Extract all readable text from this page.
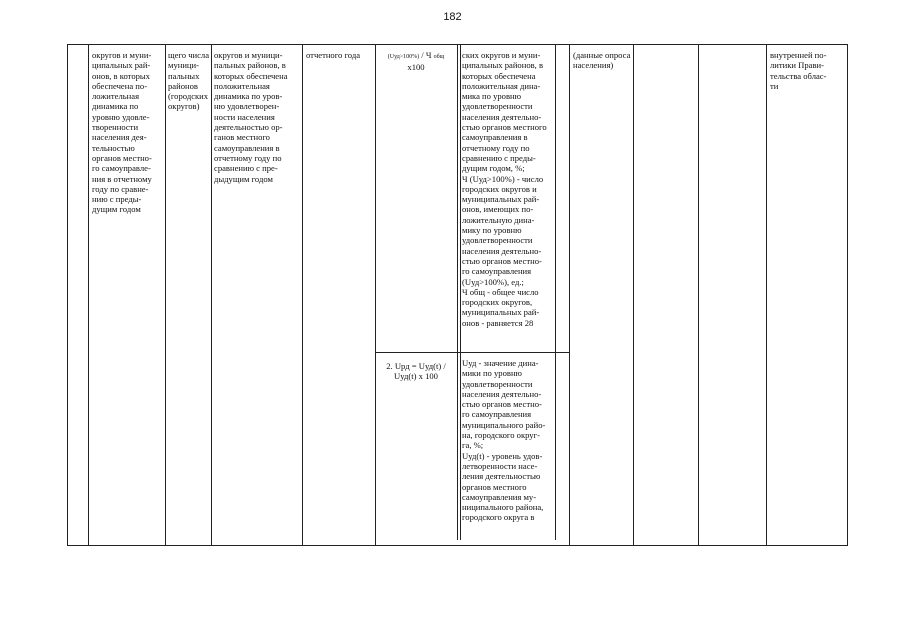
182
округов и муни-
ципальных рай-
онов, в которых
обеспечена по-
ложительная
динамика по
уровню удовле-
творенности
населения дея-
тельностью
органов местно-
го самоуправле-
ния в отчетному
году по сравне-
нию с преды-
дущим годом
щего числа
муници-
пальных
районов
(городских
округов)
округов и муници-
пальных районов, в
которых обеспечена
положительная
динамика по уров-
ню удовлетворен-
ности населения
деятельностью ор-
ганов местного
самоуправления в
отчетному году по
сравнению с пре-
дыдущим годом
отчетного года	(Uуд>100%) / Ч общ
x100
ских округов и муни-
ципальных районов, в
которых обеспечена
положительная дина-
мика по уровню
удовлетворенности
населения деятельно-
стью органов местного
самоуправления в
отчетному году по
сравнению с преды-
дущим годом, %;
Ч (Uуд>100%) - число
городских округов и
муниципальных рай-
онов, имеющих по-
ложительную дина-
мику по уровню
удовлетворенности
населения деятельно-
стью органов местно-
го самоуправления
(Uуд>100%), ед.;
Ч общ - общее число
городских округов,
муниципальных рай-
онов - равняется 28
(данные опроса
населения)
внутренней по-
литики Прави-
тельства облас-
ти
2. Uрд = Uуд(t) /
Uуд(t) x 100
Uуд - значение дина-
мики по уровню
удовлетворенности
населения деятельно-
стью органов местно-
го самоуправления
муниципального райо-
на, городского округ-
га, %;
Uуд(t) - уровень удов-
летворенности насе-
ления деятельностью
органов местного
самоуправления му-
ниципального района,
городского округа в
